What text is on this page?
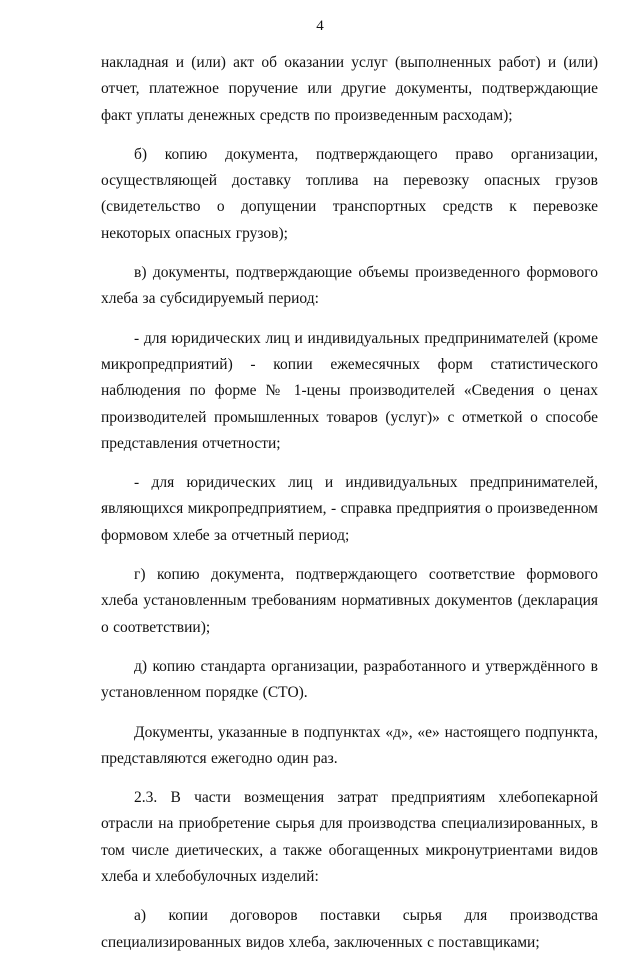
4

накладная и (или) акт об оказании услуг (выполненных работ) и (или) отчет, платежное поручение или другие документы, подтверждающие факт уплаты денежных средств по произведенным расходам);

б) копию документа, подтверждающего право организации, осуществляющей доставку топлива на перевозку опасных грузов (свидетельство о допущении транспортных средств к перевозке некоторых опасных грузов);

в) документы, подтверждающие объемы произведенного формового хлеба за субсидируемый период:

- для юридических лиц и индивидуальных предпринимателей (кроме микропредприятий) - копии ежемесячных форм статистического наблюдения по форме № 1-цены производителей «Сведения о ценах производителей промышленных товаров (услуг)» с отметкой о способе представления отчетности;

- для юридических лиц и индивидуальных предпринимателей, являющихся микропредприятием, - справка предприятия о произведенном формовом хлебе за отчетный период;

г) копию документа, подтверждающего соответствие формового хлеба установленным требованиям нормативных документов (декларация о соответствии);

д) копию стандарта организации, разработанного и утверждённого в установленном порядке (СТО).

Документы, указанные в подпунктах «д», «е» настоящего подпункта, представляются ежегодно один раз.

2.3. В части возмещения затрат предприятиям хлебопекарной отрасли на приобретение сырья для производства специализированных, в том числе диетических, а также обогащенных микронутриентами видов хлеба и хлебобулочных изделий:

а) копии договоров поставки сырья для производства специализированных видов хлеба, заключенных с поставщиками;
